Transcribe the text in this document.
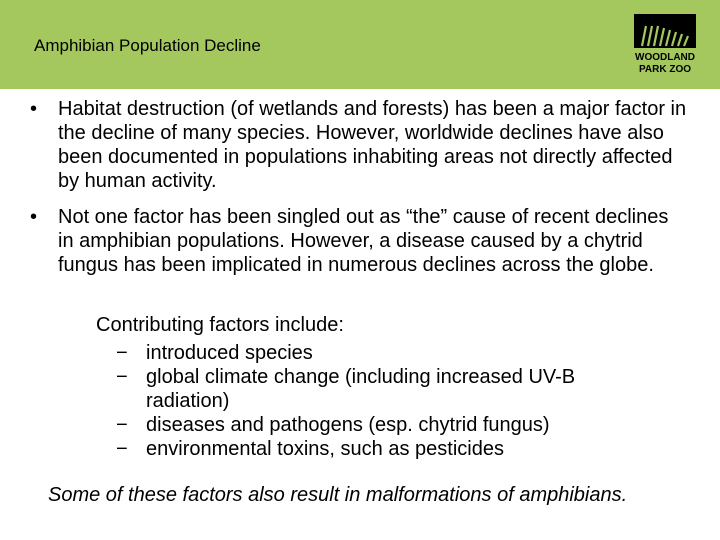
Amphibian Population Decline
WOODLAND
PARK ZOO
• Habitat destruction (of wetlands and forests) has been a major factor in the decline of many species. However, worldwide declines have also been documented in populations inhabiting areas not directly affected by human activity.
• Not one factor has been singled out as “the” cause of recent declines in amphibian populations. However, a disease caused by a chytrid fungus has been implicated in numerous declines across the globe.
Contributing factors include:
− introduced species
− global climate change (including increased UV-B radiation)
− diseases and pathogens (esp. chytrid fungus)
− environmental toxins, such as pesticides
Some of these factors also result in malformations of amphibians.
